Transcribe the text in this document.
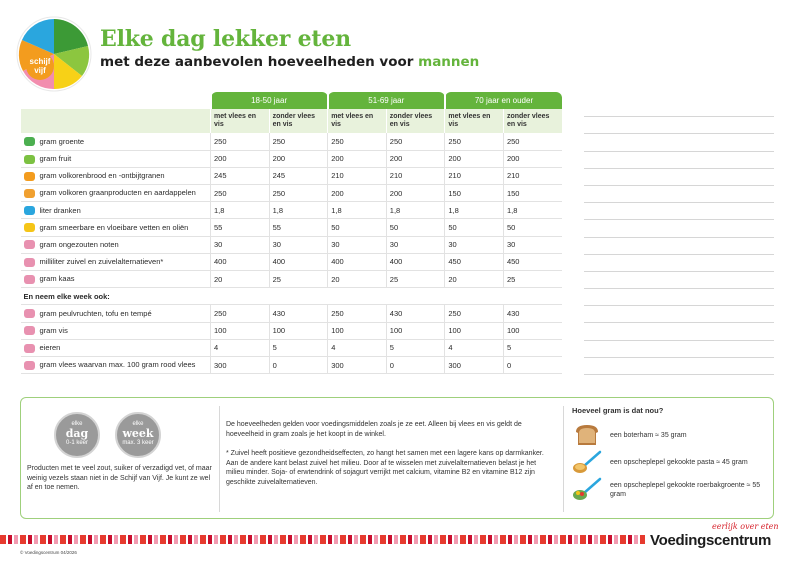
schijf
vijf
Elke dag lekker eten
met deze aanbevolen hoeveelheden voor mannen
	18-50 jaar		51-69 jaar		70 jaar en ouder	
	met vlees en vis	zonder vlees en vis	met vlees en vis	zonder vlees en vis	met vlees en vis	zonder vlees en vis
gram groente	250	250	250	250	250	250
gram fruit	200	200	200	200	200	200
gram volkorenbrood en -ontbijtgranen	245	245	210	210	210	210
gram volkoren graanproducten en aardappelen	250	250	200	200	150	150
liter dranken	1,8	1,8	1,8	1,8	1,8	1,8
gram smeerbare en vloeibare vetten en oliën	55	55	50	50	50	50
gram ongezouten noten	30	30	30	30	30	30
milliliter zuivel en zuivelalternatieven*	400	400	400	400	450	450
gram kaas	20	25	20	25	20	25
En neem elke week ook:						
gram peulvruchten, tofu en tempé	250	430	250	430	250	430
gram vis	100	100	100	100	100	100
eieren	4	5	4	5	4	5
gram vlees waarvan max. 100 gram rood vlees	300	0	300	0	300	0
elke
dag
0-1 keer
elke
week
max. 3 keer
Producten met te veel zout, suiker of verzadigd vet, of maar weinig vezels staan niet in de Schijf van Vijf. Je kunt ze wel af en toe nemen.

De hoeveelheden gelden voor voedingsmiddelen zoals je ze eet. Alleen bij vlees en vis geldt de hoeveelheid in gram zoals je het koopt in de winkel.

* Zuivel heeft positieve gezondheidseffecten, zo hangt het samen met een lagere kans op darmkanker. Aan de andere kant belast zuivel het milieu. Door af te wisselen met zuivelalternatieven belast je het milieu minder. Soja- of erwtendrink of sojagurt verrijkt met calcium, vitamine B2 en vitamine B12 zijn geschikte zuivelalternatieven.

Hoeveel gram is dat nou?
een boterham ≈ 35 gram
een opscheplepel gekookte pasta ≈ 45 gram
een opscheplepel gekookte roerbakgroente ≈ 55 gram
eerlijk over eten
Voedingscentrum
© Voedingscentrum 04/2026
